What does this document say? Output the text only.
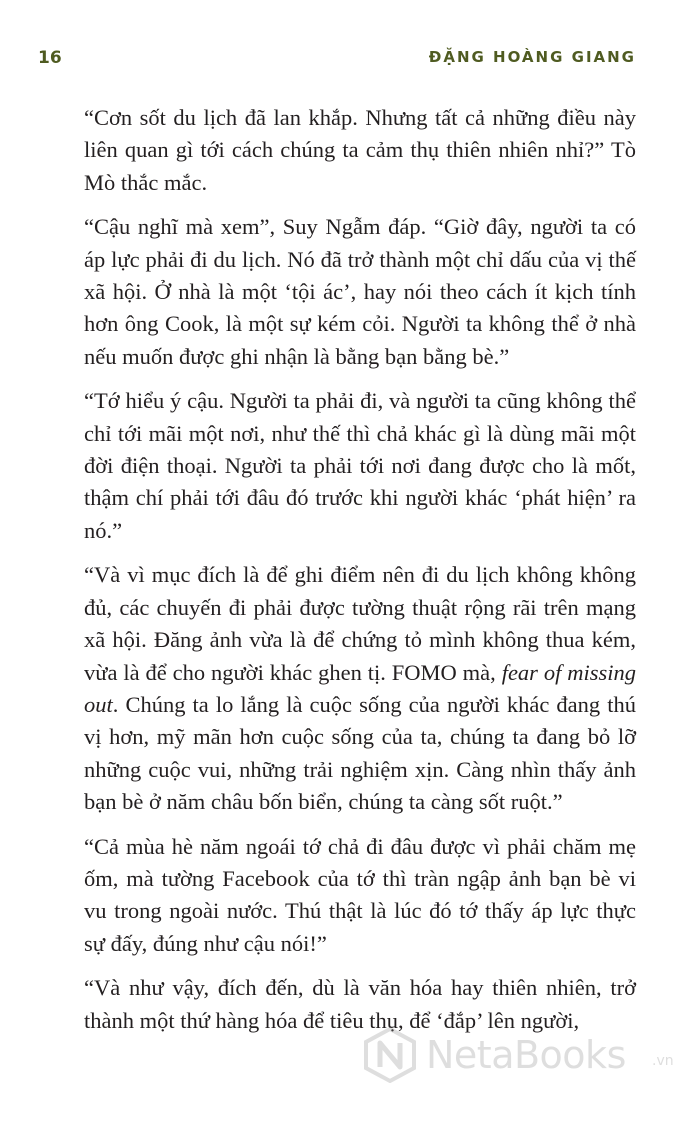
16	ĐẶNG HOÀNG GIANG

“Cơn sốt du lịch đã lan khắp. Nhưng tất cả những điều này liên quan gì tới cách chúng ta cảm thụ thiên nhiên nhỉ?” Tò Mò thắc mắc.

“Cậu nghĩ mà xem”, Suy Ngẫm đáp. “Giờ đây, người ta có áp lực phải đi du lịch. Nó đã trở thành một chỉ dấu của vị thế xã hội. Ở nhà là một ‘tội ác’, hay nói theo cách ít kịch tính hơn ông Cook, là một sự kém cỏi. Người ta không thể ở nhà nếu muốn được ghi nhận là bằng bạn bằng bè.”

“Tớ hiểu ý cậu. Người ta phải đi, và người ta cũng không thể chỉ tới mãi một nơi, như thế thì chả khác gì là dùng mãi một đời điện thoại. Người ta phải tới nơi đang được cho là mốt, thậm chí phải tới đâu đó trước khi người khác ‘phát hiện’ ra nó.”

“Và vì mục đích là để ghi điểm nên đi du lịch không không đủ, các chuyến đi phải được tường thuật rộng rãi trên mạng xã hội. Đăng ảnh vừa là để chứng tỏ mình không thua kém, vừa là để cho người khác ghen tị. FOMO mà, fear of missing out. Chúng ta lo lắng là cuộc sống của người khác đang thú vị hơn, mỹ mãn hơn cuộc sống của ta, chúng ta đang bỏ lỡ những cuộc vui, những trải nghiệm xịn. Càng nhìn thấy ảnh bạn bè ở năm châu bốn biển, chúng ta càng sốt ruột.”

“Cả mùa hè năm ngoái tớ chả đi đâu được vì phải chăm mẹ ốm, mà tường Facebook của tớ thì tràn ngập ảnh bạn bè vi vu trong ngoài nước. Thú thật là lúc đó tớ thấy áp lực thực sự đấy, đúng như cậu nói!”

“Và như vậy, đích đến, dù là văn hóa hay thiên nhiên, trở thành một thứ hàng hóa để tiêu thụ, để ‘đắp’ lên người,

NetaBooks .vn
